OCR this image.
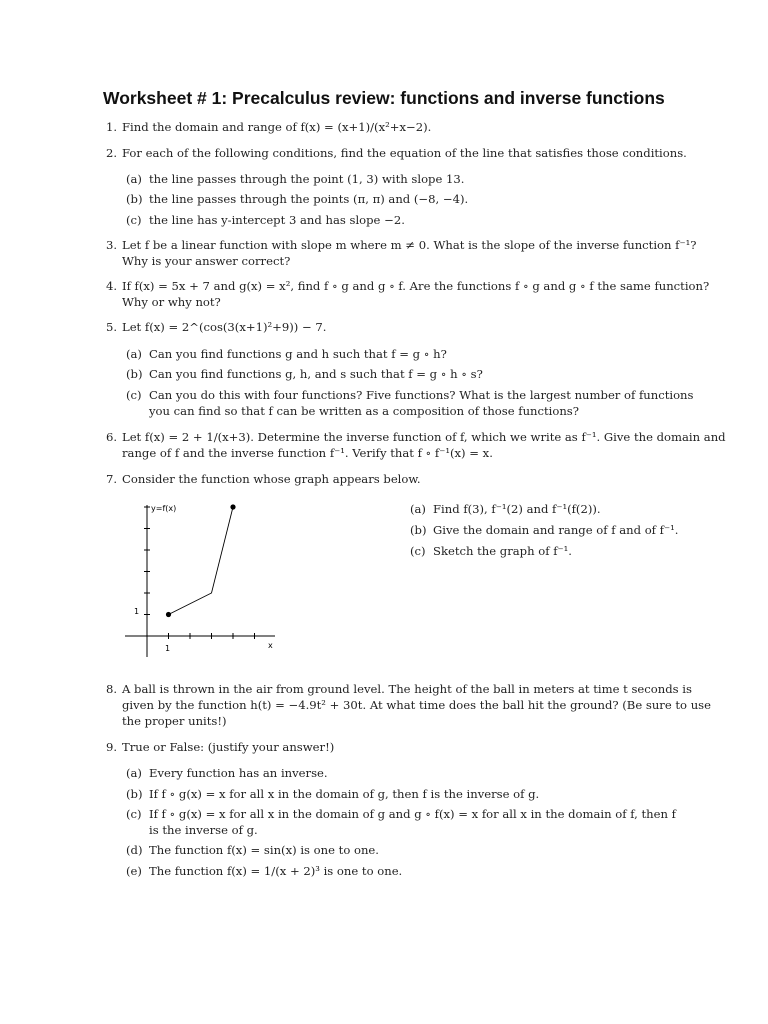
Worksheet # 1: Precalculus review: functions and inverse functions
1. Find the domain and range of f(x) = (x+1)/(x²+x−2).
2. For each of the following conditions, find the equation of the line that satisfies those conditions.
(a) the line passes through the point (1, 3) with slope 13.
(b) the line passes through the points (π, π) and (−8, −4).
(c) the line has y-intercept 3 and has slope −2.
3. Let f be a linear function with slope m where m ≠ 0. What is the slope of the inverse function f⁻¹?
Why is your answer correct?
4. If f(x) = 5x + 7 and g(x) = x², find f ∘ g and g ∘ f. Are the functions f ∘ g and g ∘ f the same function?
Why or why not?
5. Let f(x) = 2^(cos(3(x+1)²+9)) − 7.
(a) Can you find functions g and h such that f = g ∘ h?
(b) Can you find functions g, h, and s such that f = g ∘ h ∘ s?
(c) Can you do this with four functions? Five functions? What is the largest number of functions
you can find so that f can be written as a composition of those functions?
6. Let f(x) = 2 + 1/(x+3). Determine the inverse function of f, which we write as f⁻¹. Give the domain and
range of f and the inverse function f⁻¹. Verify that f ∘ f⁻¹(x) = x.
7. Consider the function whose graph appears below.
(a) Find f(3), f⁻¹(2) and f⁻¹(f(2)).
(b) Give the domain and range of f and of f⁻¹.
(c) Sketch the graph of f⁻¹.
y=f(x)
x
1
1
8. A ball is thrown in the air from ground level. The height of the ball in meters at time t seconds is
given by the function h(t) = −4.9t² + 30t. At what time does the ball hit the ground? (Be sure to use
the proper units!)
9. True or False: (justify your answer!)
(a) Every function has an inverse.
(b) If f ∘ g(x) = x for all x in the domain of g, then f is the inverse of g.
(c) If f ∘ g(x) = x for all x in the domain of g and g ∘ f(x) = x for all x in the domain of f, then f
is the inverse of g.
(d) The function f(x) = sin(x) is one to one.
(e) The function f(x) = 1/(x + 2)³ is one to one.
